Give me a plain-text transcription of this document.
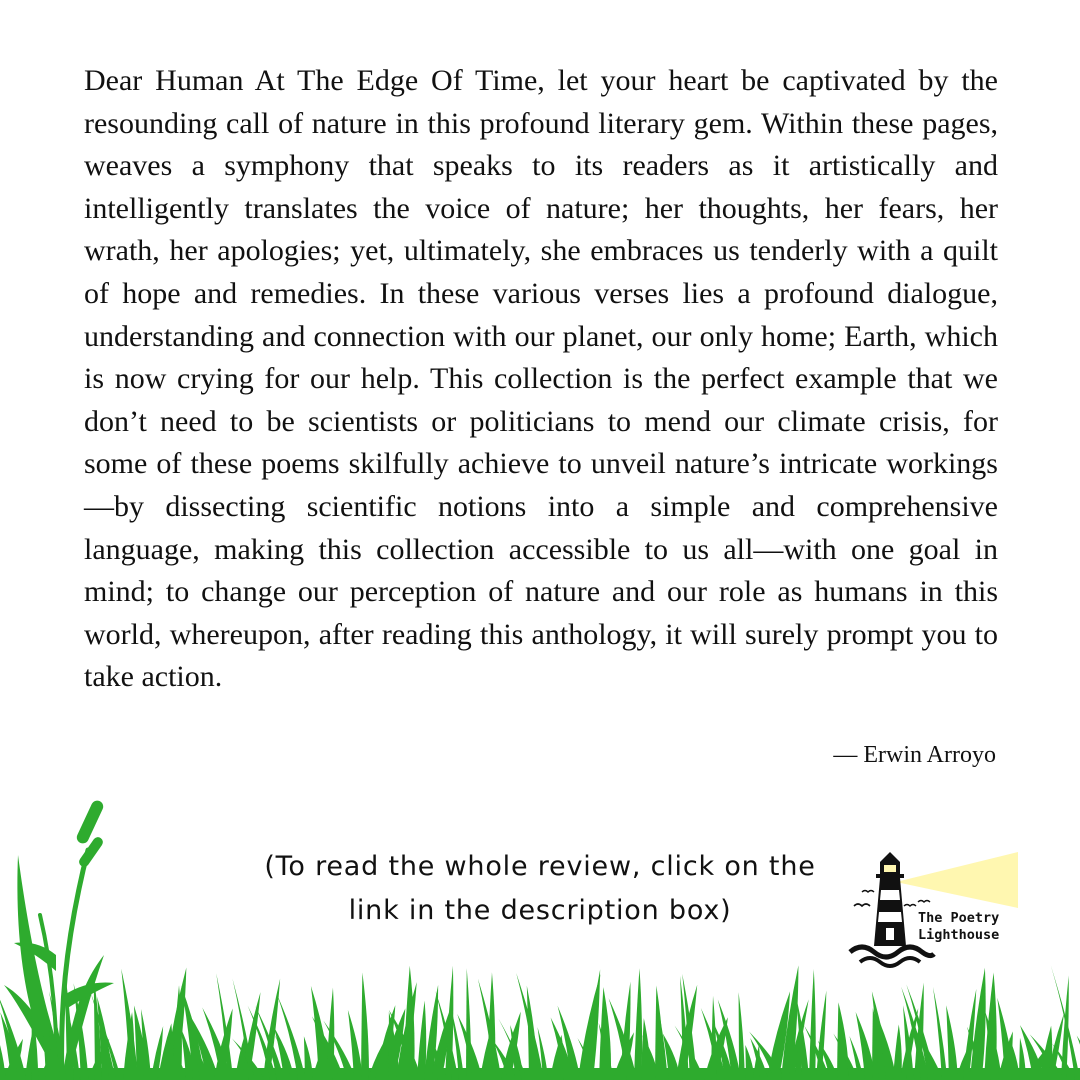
Dear Human At The Edge Of Time, let your heart be captivated by the resounding call of nature in this profound literary gem. Within these pages, weaves a symphony that speaks to its readers as it artistically and intelligently translates the voice of nature; her thoughts, her fears, her wrath, her apologies; yet, ultimately, she embraces us tenderly with a quilt of hope and remedies. In these various verses lies a profound dialogue, understanding and connection with our planet, our only home; Earth, which is now crying for our help. This collection is the perfect example that we don’t need to be scientists or politicians to mend our climate crisis, for some of these poems skilfully achieve to unveil nature’s intricate workings—by dissecting scientific notions into a simple and comprehensive language, making this collection accessible to us all—with one goal in mind; to change our perception of nature and our role as humans in this world, whereupon, after reading this anthology, it will surely prompt you to take action.

— Erwin Arroyo

(To read the whole review, click on the
link in the description box)	The Poetry
Lighthouse
